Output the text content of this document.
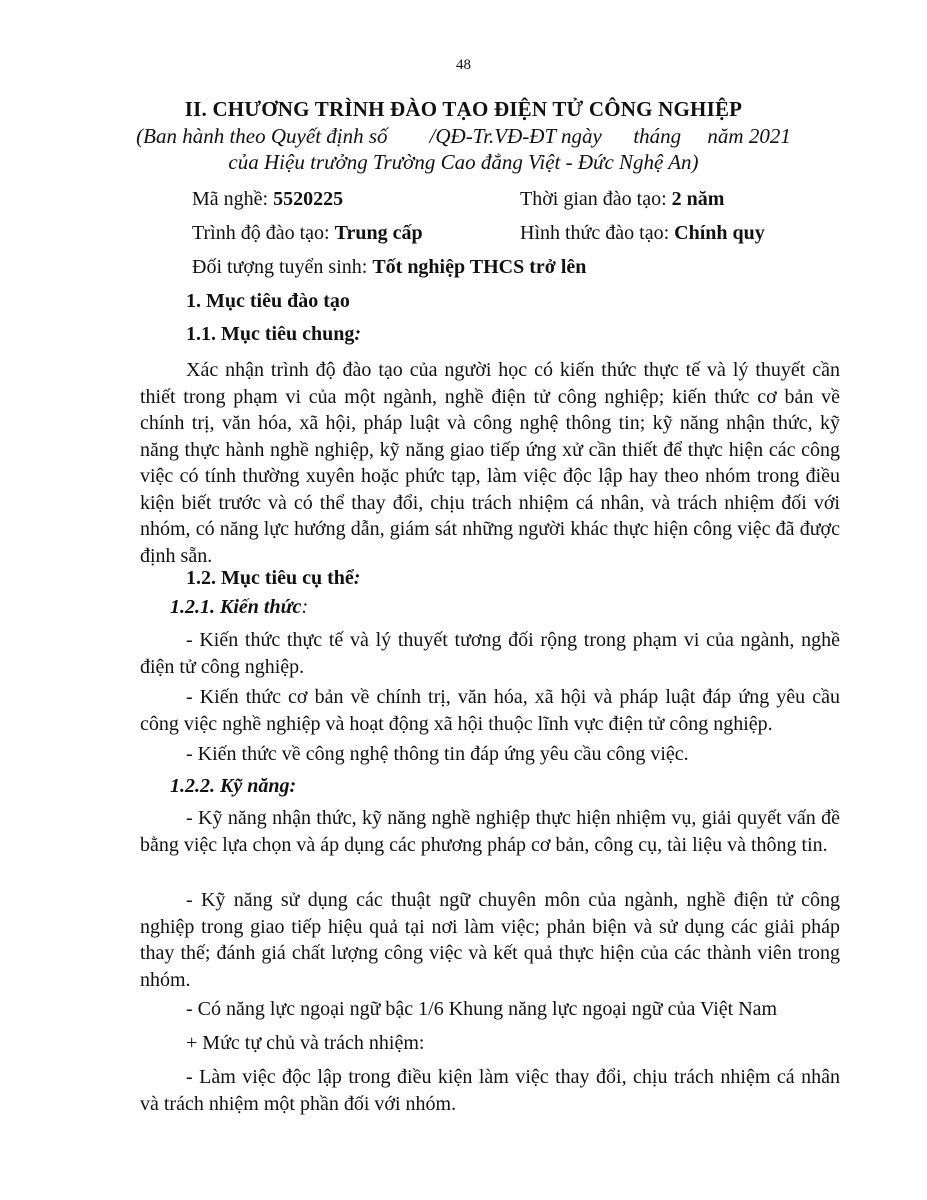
48
II. CHƯƠNG TRÌNH ĐÀO TẠO ĐIỆN TỬ CÔNG NGHIỆP
(Ban hành theo Quyết định số        /QĐ-Tr.VĐ-ĐT ngày      tháng     năm 2021
của Hiệu trưởng Trường Cao đẳng Việt - Đức Nghệ An)
Mã nghề: 5520225	Thời gian đào tạo: 2 năm
Trình độ đào tạo: Trung cấp	Hình thức đào tạo: Chính quy
Đối tượng tuyển sinh: Tốt nghiệp THCS trở lên
1. Mục tiêu đào tạo
1.1. Mục tiêu chung:
Xác nhận trình độ đào tạo của người học có kiến thức thực tế và lý thuyết cần thiết trong phạm vi của một ngành, nghề điện tử công nghiệp; kiến thức cơ bản về chính trị, văn hóa, xã hội, pháp luật và công nghệ thông tin; kỹ năng nhận thức, kỹ năng thực hành nghề nghiệp, kỹ năng giao tiếp ứng xử cần thiết để thực hiện các công việc có tính thường xuyên hoặc phức tạp, làm việc độc lập hay theo nhóm trong điều kiện biết trước và có thể thay đổi, chịu trách nhiệm cá nhân, và trách nhiệm đối với nhóm, có năng lực hướng dẫn, giám sát những người khác thực hiện công việc đã được định sẵn.
1.2. Mục tiêu cụ thể:
1.2.1. Kiến thức:
- Kiến thức thực tế và lý thuyết tương đối rộng trong phạm vi của ngành, nghề điện tử công nghiệp.
- Kiến thức cơ bản về chính trị, văn hóa, xã hội và pháp luật đáp ứng yêu cầu công việc nghề nghiệp và hoạt động xã hội thuộc lĩnh vực điện tử công nghiệp.
- Kiến thức về công nghệ thông tin đáp ứng yêu cầu công việc.
1.2.2. Kỹ năng:
- Kỹ năng nhận thức, kỹ năng nghề nghiệp thực hiện nhiệm vụ, giải quyết vấn đề bằng việc lựa chọn và áp dụng các phương pháp cơ bản, công cụ, tài liệu và thông tin.
- Kỹ năng sử dụng các thuật ngữ chuyên môn của ngành, nghề điện tử công nghiệp trong giao tiếp hiệu quả tại nơi làm việc; phản biện và sử dụng các giải pháp thay thế; đánh giá chất lượng công việc và kết quả thực hiện của các thành viên trong nhóm.
- Có năng lực ngoại ngữ bậc 1/6 Khung năng lực ngoại ngữ của Việt Nam
+ Mức tự chủ và trách nhiệm:
- Làm việc độc lập trong điều kiện làm việc thay đổi, chịu trách nhiệm cá nhân và trách nhiệm một phần đối với nhóm.
